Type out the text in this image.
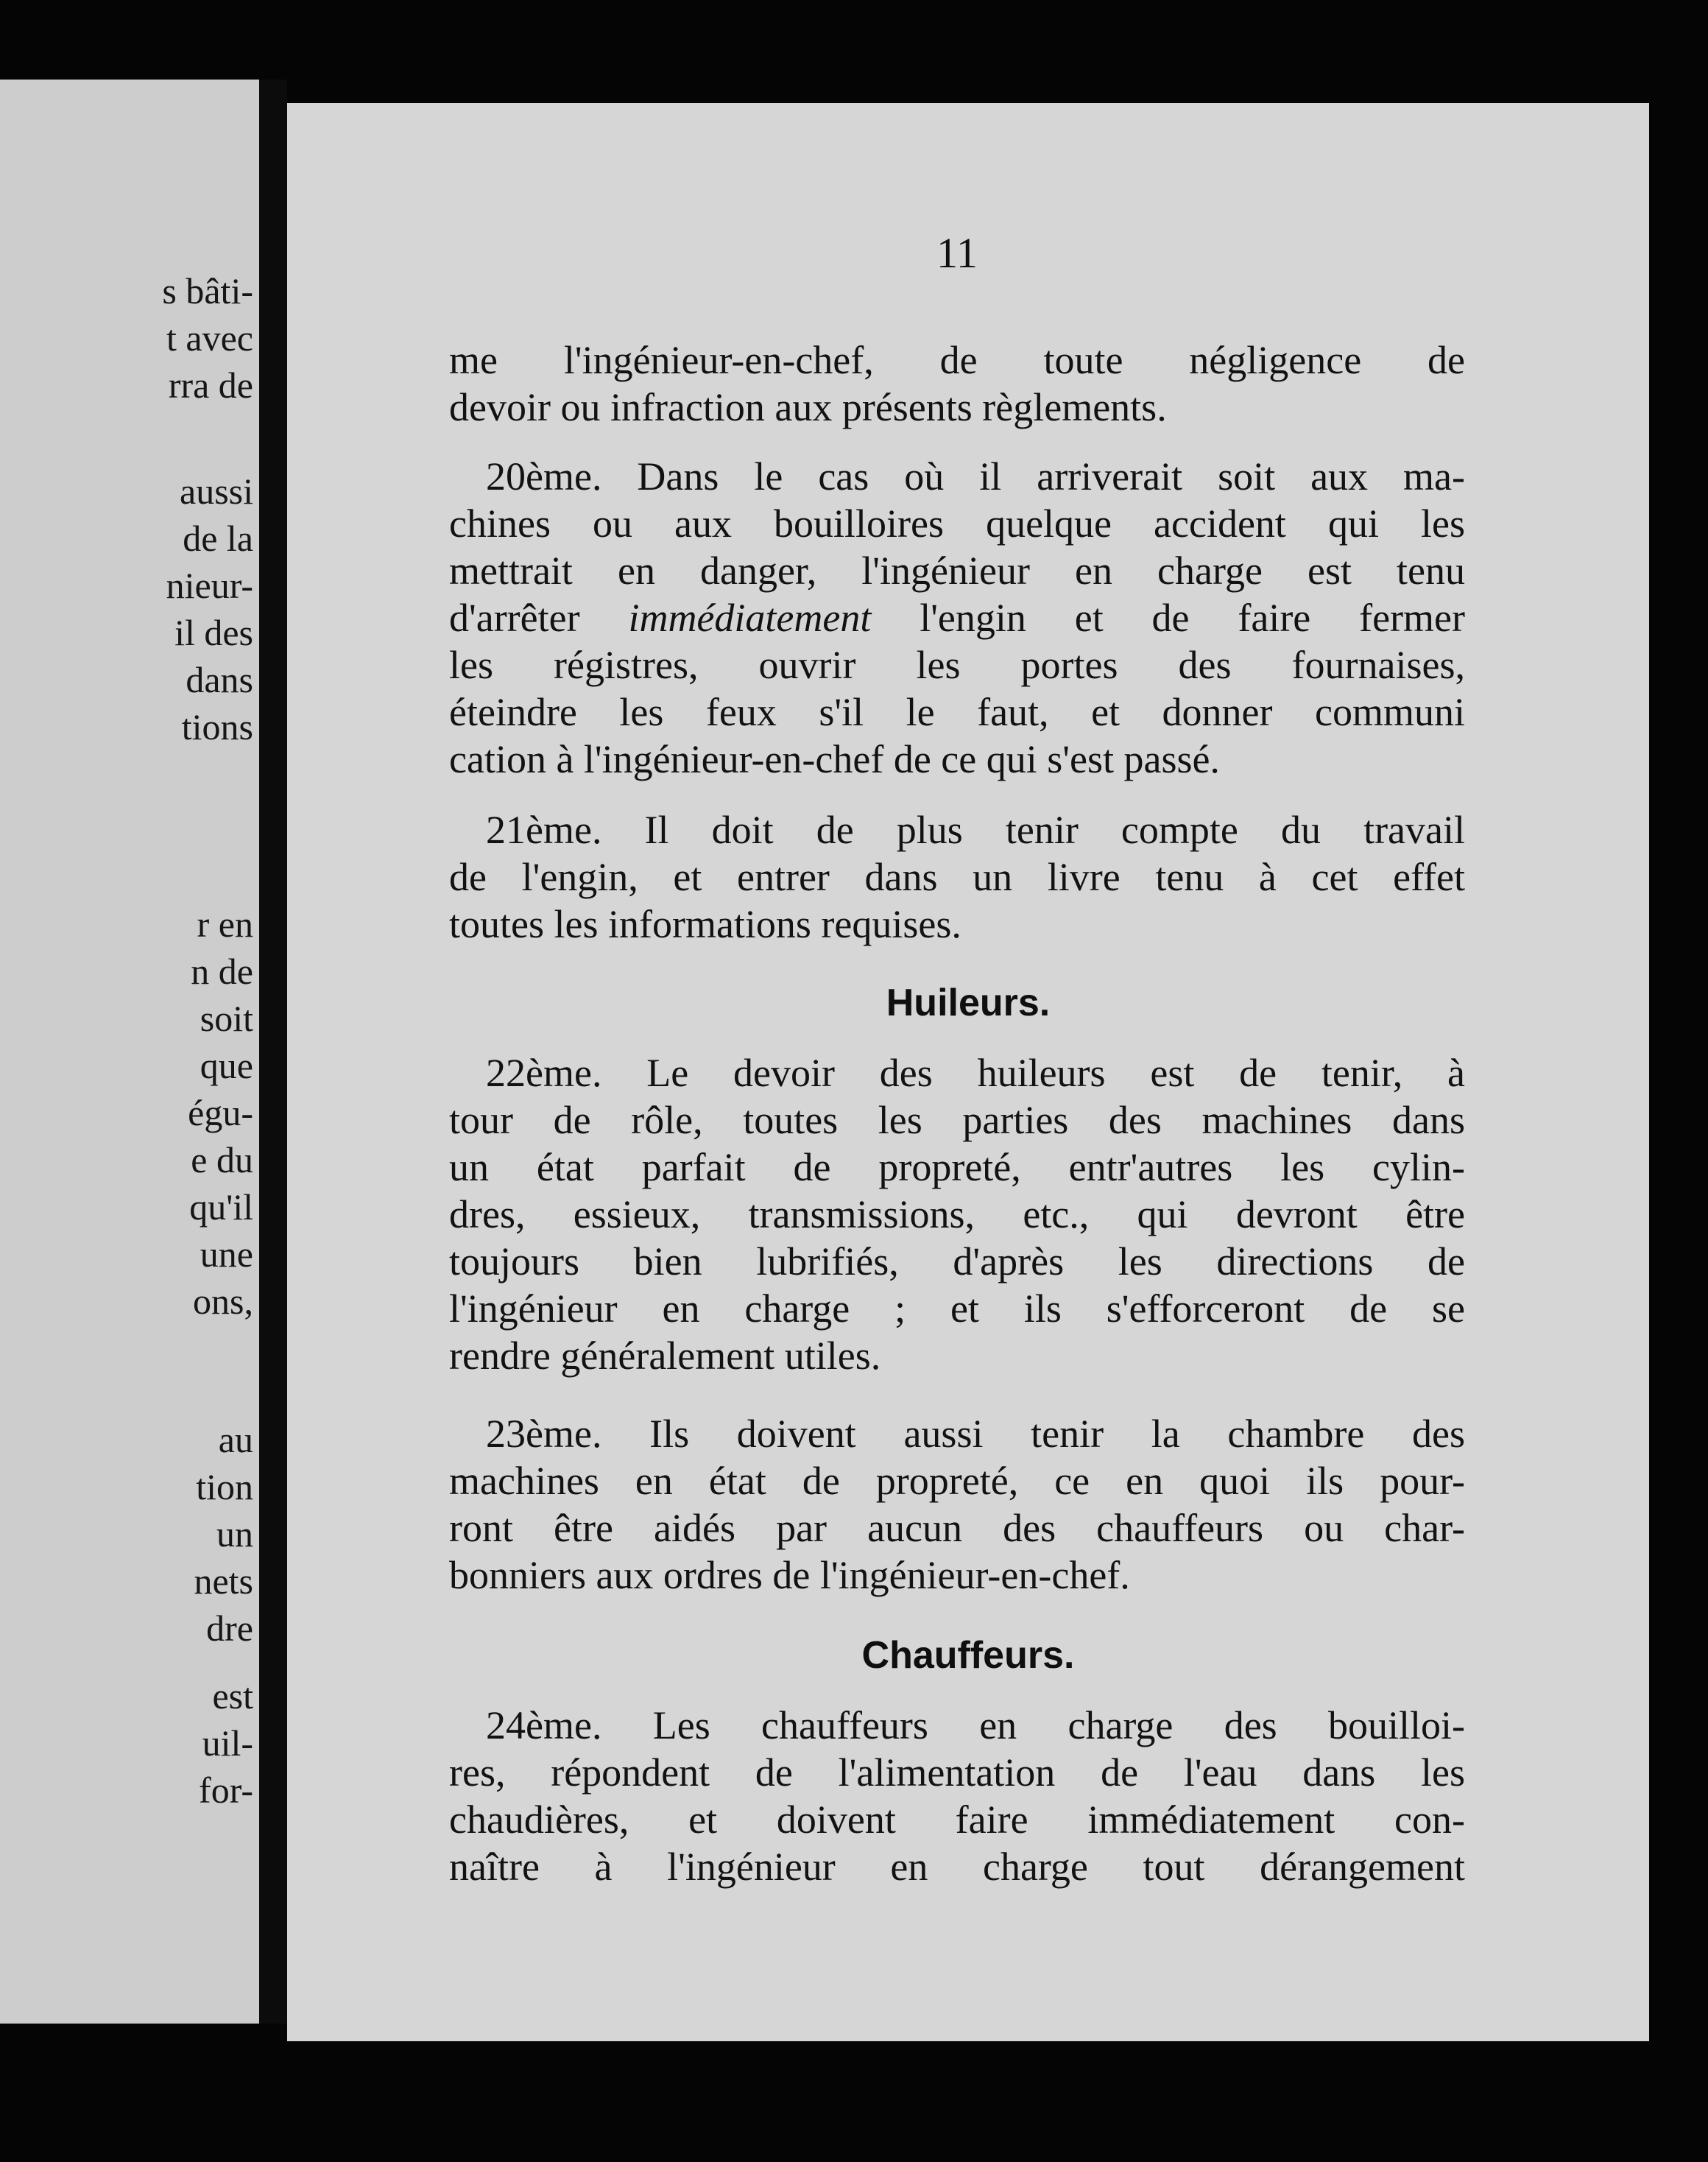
s bâti-
t avec
rra de
aussi
de la
nieur-
il des
dans
tions
r en
n de
soit
que
égu-
e du
qu'il
une
ons,
au
tion
un
nets
dre
est
uil-
for-
11
me l'ingénieur-en-chef, de toute négligence de
devoir ou infraction aux présents règlements.
20ème. Dans le cas où il arriverait soit aux ma-
chines ou aux bouilloires quelque accident qui les
mettrait en danger, l'ingénieur en charge est tenu
d'arrêter immédiatement l'engin et de faire fermer
les régistres, ouvrir les portes des fournaises,
éteindre les feux s'il le faut, et donner communi
cation à l'ingénieur-en-chef de ce qui s'est passé.
21ème. Il doit de plus tenir compte du travail
de l'engin, et entrer dans un livre tenu à cet effet
toutes les informations requises.
Huileurs.
22ème. Le devoir des huileurs est de tenir, à
tour de rôle, toutes les parties des machines dans
un état parfait de propreté, entr'autres les cylin-
dres, essieux, transmissions, etc., qui devront être
toujours bien lubrifiés, d'après les directions de
l'ingénieur en charge ; et ils s'efforceront de se
rendre généralement utiles.
23ème. Ils doivent aussi tenir la chambre des
machines en état de propreté, ce en quoi ils pour-
ront être aidés par aucun des chauffeurs ou char-
bonniers aux ordres de l'ingénieur-en-chef.
Chauffeurs.
24ème. Les chauffeurs en charge des bouilloi-
res, répondent de l'alimentation de l'eau dans les
chaudières, et doivent faire immédiatement con-
naître à l'ingénieur en charge tout dérangement
